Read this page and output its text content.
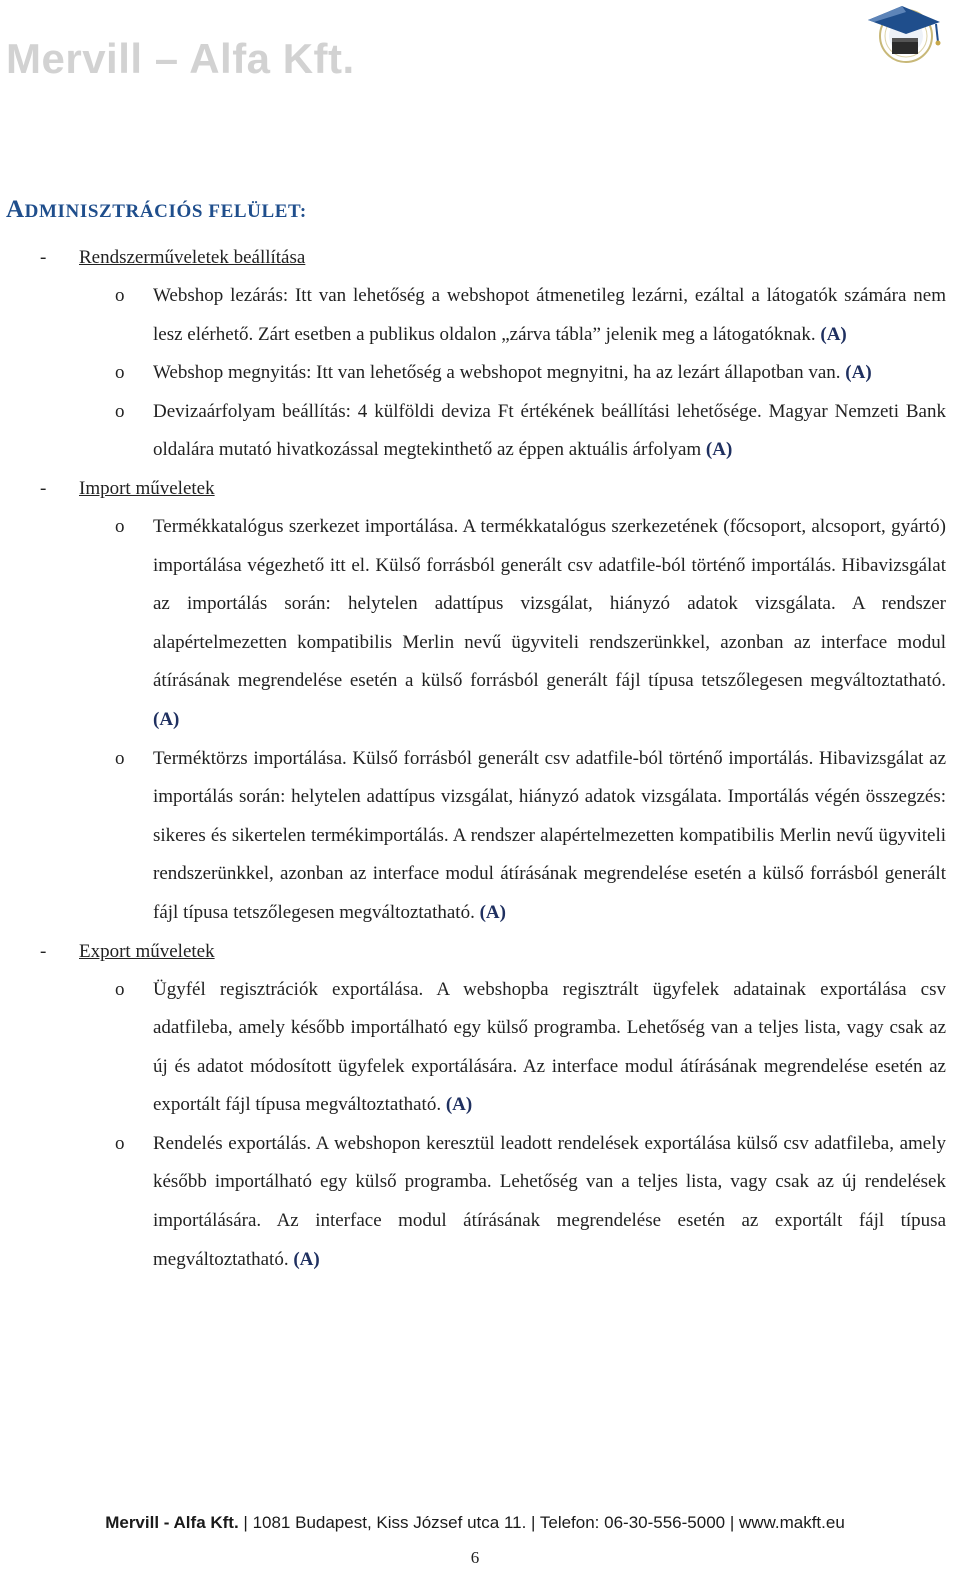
Mervill – Alfa Kft.
ADMINISZTRÁCIÓS FELÜLET:
- Rendszerműveletek beállítása
o Webshop lezárás: Itt van lehetőség a webshopot átmenetileg lezárni, ezáltal a látogatók számára nem lesz elérhető. Zárt esetben a publikus oldalon „zárva tábla” jelenik meg a látogatóknak. (A)
o Webshop megnyitás: Itt van lehetőség a webshopot megnyitni, ha az lezárt állapotban van. (A)
o Devizaárfolyam beállítás: 4 külföldi deviza Ft értékének beállítási lehetősége. Magyar Nemzeti Bank oldalára mutató hivatkozással megtekinthető az éppen aktuális árfolyam (A)
- Import műveletek
o Termékkatalógus szerkezet importálása. A termékkatalógus szerkezetének (főcsoport, alcsoport, gyártó) importálása végezhető itt el. Külső forrásból generált csv adatfile-ból történő importálás. Hibavizsgálat az importálás során: helytelen adattípus vizsgálat, hiányzó adatok vizsgálata. A rendszer alapértelmezetten kompatibilis Merlin nevű ügyviteli rendszerünkkel, azonban az interface modul átírásának megrendelése esetén a külső forrásból generált fájl típusa tetszőlegesen megváltoztatható. (A)
o Terméktörzs importálása. Külső forrásból generált csv adatfile-ból történő importálás. Hibavizsgálat az importálás során: helytelen adattípus vizsgálat, hiányzó adatok vizsgálata. Importálás végén összegzés: sikeres és sikertelen termékimportálás. A rendszer alapértelmezetten kompatibilis Merlin nevű ügyviteli rendszerünkkel, azonban az interface modul átírásának megrendelése esetén a külső forrásból generált fájl típusa tetszőlegesen megváltoztatható. (A)
- Export műveletek
o Ügyfél regisztrációk exportálása. A webshopba regisztrált ügyfelek adatainak exportálása csv adatfileba, amely később importálható egy külső programba. Lehetőség van a teljes lista, vagy csak az új és adatot módosított ügyfelek exportálására. Az interface modul átírásának megrendelése esetén az exportált fájl típusa megváltoztatható. (A)
o Rendelés exportálás. A webshopon keresztül leadott rendelések exportálása külső csv adatfileba, amely később importálható egy külső programba. Lehetőség van a teljes lista, vagy csak az új rendelések importálására. Az interface modul átírásának megrendelése esetén az exportált fájl típusa megváltoztatható. (A)
Mervill - Alfa Kft. | 1081 Budapest, Kiss József utca 11. | Telefon: 06-30-556-5000 | www.makft.eu
6
